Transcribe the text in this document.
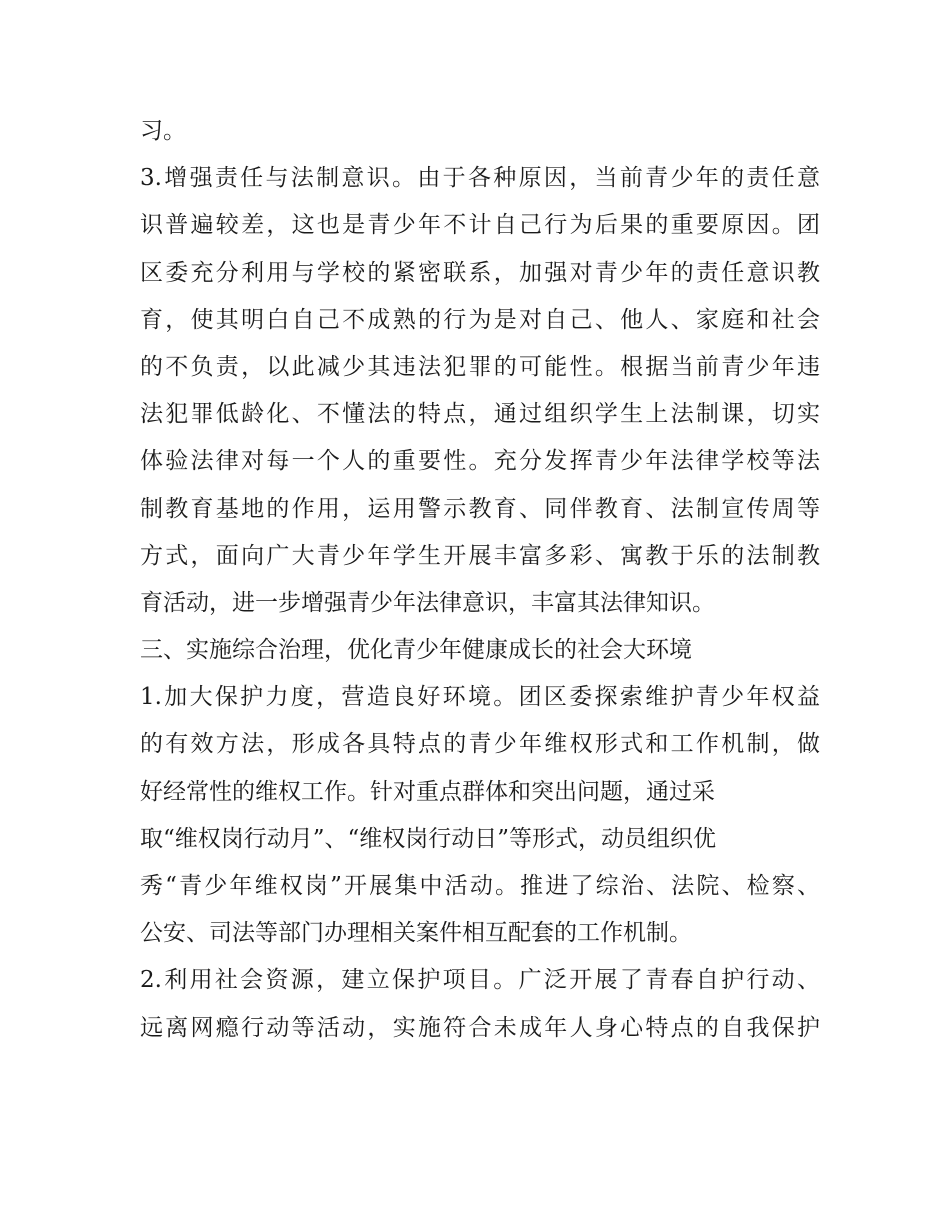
习。
3.增强责任与法制意识。由于各种原因，当前青少年的责任意
识普遍较差，这也是青少年不计自己行为后果的重要原因。团
区委充分利用与学校的紧密联系，加强对青少年的责任意识教
育，使其明白自己不成熟的行为是对自己、他人、家庭和社会
的不负责，以此减少其违法犯罪的可能性。根据当前青少年违
法犯罪低龄化、不懂法的特点，通过组织学生上法制课，切实
体验法律对每一个人的重要性。充分发挥青少年法律学校等法
制教育基地的作用，运用警示教育、同伴教育、法制宣传周等
方式，面向广大青少年学生开展丰富多彩、寓教于乐的法制教
育活动，进一步增强青少年法律意识，丰富其法律知识。
三、实施综合治理，优化青少年健康成长的社会大环境
1.加大保护力度，营造良好环境。团区委探索维护青少年权益
的有效方法，形成各具特点的青少年维权形式和工作机制，做
好经常性的维权工作。针对重点群体和突出问题，通过采
取“维权岗行动月”、“维权岗行动日”等形式，动员组织优
秀“青少年维权岗”开展集中活动。推进了综治、法院、检察、
公安、司法等部门办理相关案件相互配套的工作机制。
2.利用社会资源，建立保护项目。广泛开展了青春自护行动、
远离网瘾行动等活动，实施符合未成年人身心特点的自我保护
